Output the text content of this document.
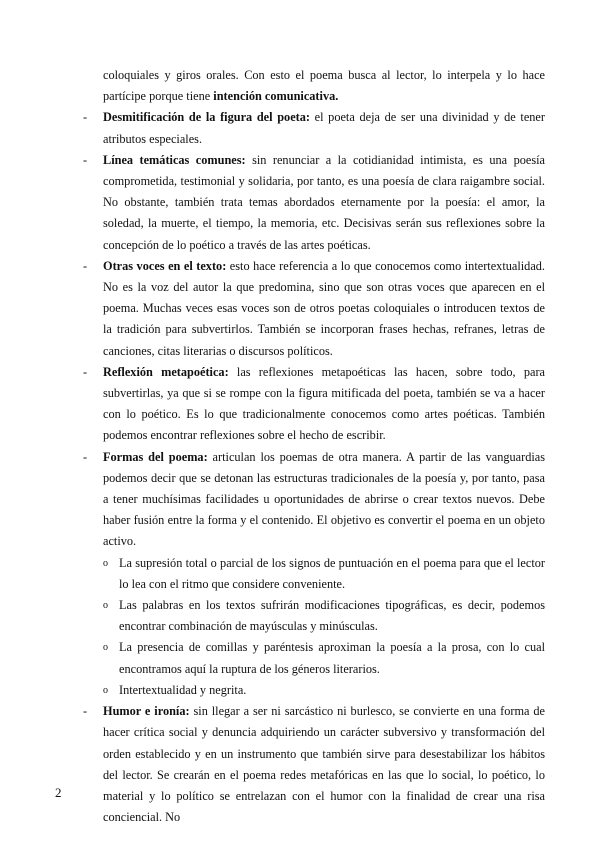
coloquiales y giros orales. Con esto el poema busca al lector, lo interpela y lo hace partícipe porque tiene intención comunicativa.
- Desmitificación de la figura del poeta: el poeta deja de ser una divinidad y de tener atributos especiales.
- Línea temáticas comunes: sin renunciar a la cotidianidad intimista, es una poesía comprometida, testimonial y solidaria, por tanto, es una poesía de clara raigambre social. No obstante, también trata temas abordados eternamente por la poesía: el amor, la soledad, la muerte, el tiempo, la memoria, etc. Decisivas serán sus reflexiones sobre la concepción de lo poético a través de las artes poéticas.
- Otras voces en el texto: esto hace referencia a lo que conocemos como intertextualidad. No es la voz del autor la que predomina, sino que son otras voces que aparecen en el poema. Muchas veces esas voces son de otros poetas coloquiales o introducen textos de la tradición para subvertirlos. También se incorporan frases hechas, refranes, letras de canciones, citas literarias o discursos políticos.
- Reflexión metapoética: las reflexiones metapoéticas las hacen, sobre todo, para subvertirlas, ya que si se rompe con la figura mitificada del poeta, también se va a hacer con lo poético. Es lo que tradicionalmente conocemos como artes poéticas. También podemos encontrar reflexiones sobre el hecho de escribir.
- Formas del poema: articulan los poemas de otra manera. A partir de las vanguardias podemos decir que se detonan las estructuras tradicionales de la poesía y, por tanto, pasa a tener muchísimas facilidades u oportunidades de abrirse o crear textos nuevos. Debe haber fusión entre la forma y el contenido. El objetivo es convertir el poema en un objeto activo.
o La supresión total o parcial de los signos de puntuación en el poema para que el lector lo lea con el ritmo que considere conveniente.
o Las palabras en los textos sufrirán modificaciones tipográficas, es decir, podemos encontrar combinación de mayúsculas y minúsculas.
o La presencia de comillas y paréntesis aproximan la poesía a la prosa, con lo cual encontramos aquí la ruptura de los géneros literarios.
o Intertextualidad y negrita.
- Humor e ironía: sin llegar a ser ni sarcástico ni burlesco, se convierte en una forma de hacer crítica social y denuncia adquiriendo un carácter subversivo y transformación del orden establecido y en un instrumento que también sirve para desestabilizar los hábitos del lector. Se crearán en el poema redes metafóricas en las que lo social, lo poético, lo material y lo político se entrelazan con el humor con la finalidad de crear una risa conciencial. No
2
